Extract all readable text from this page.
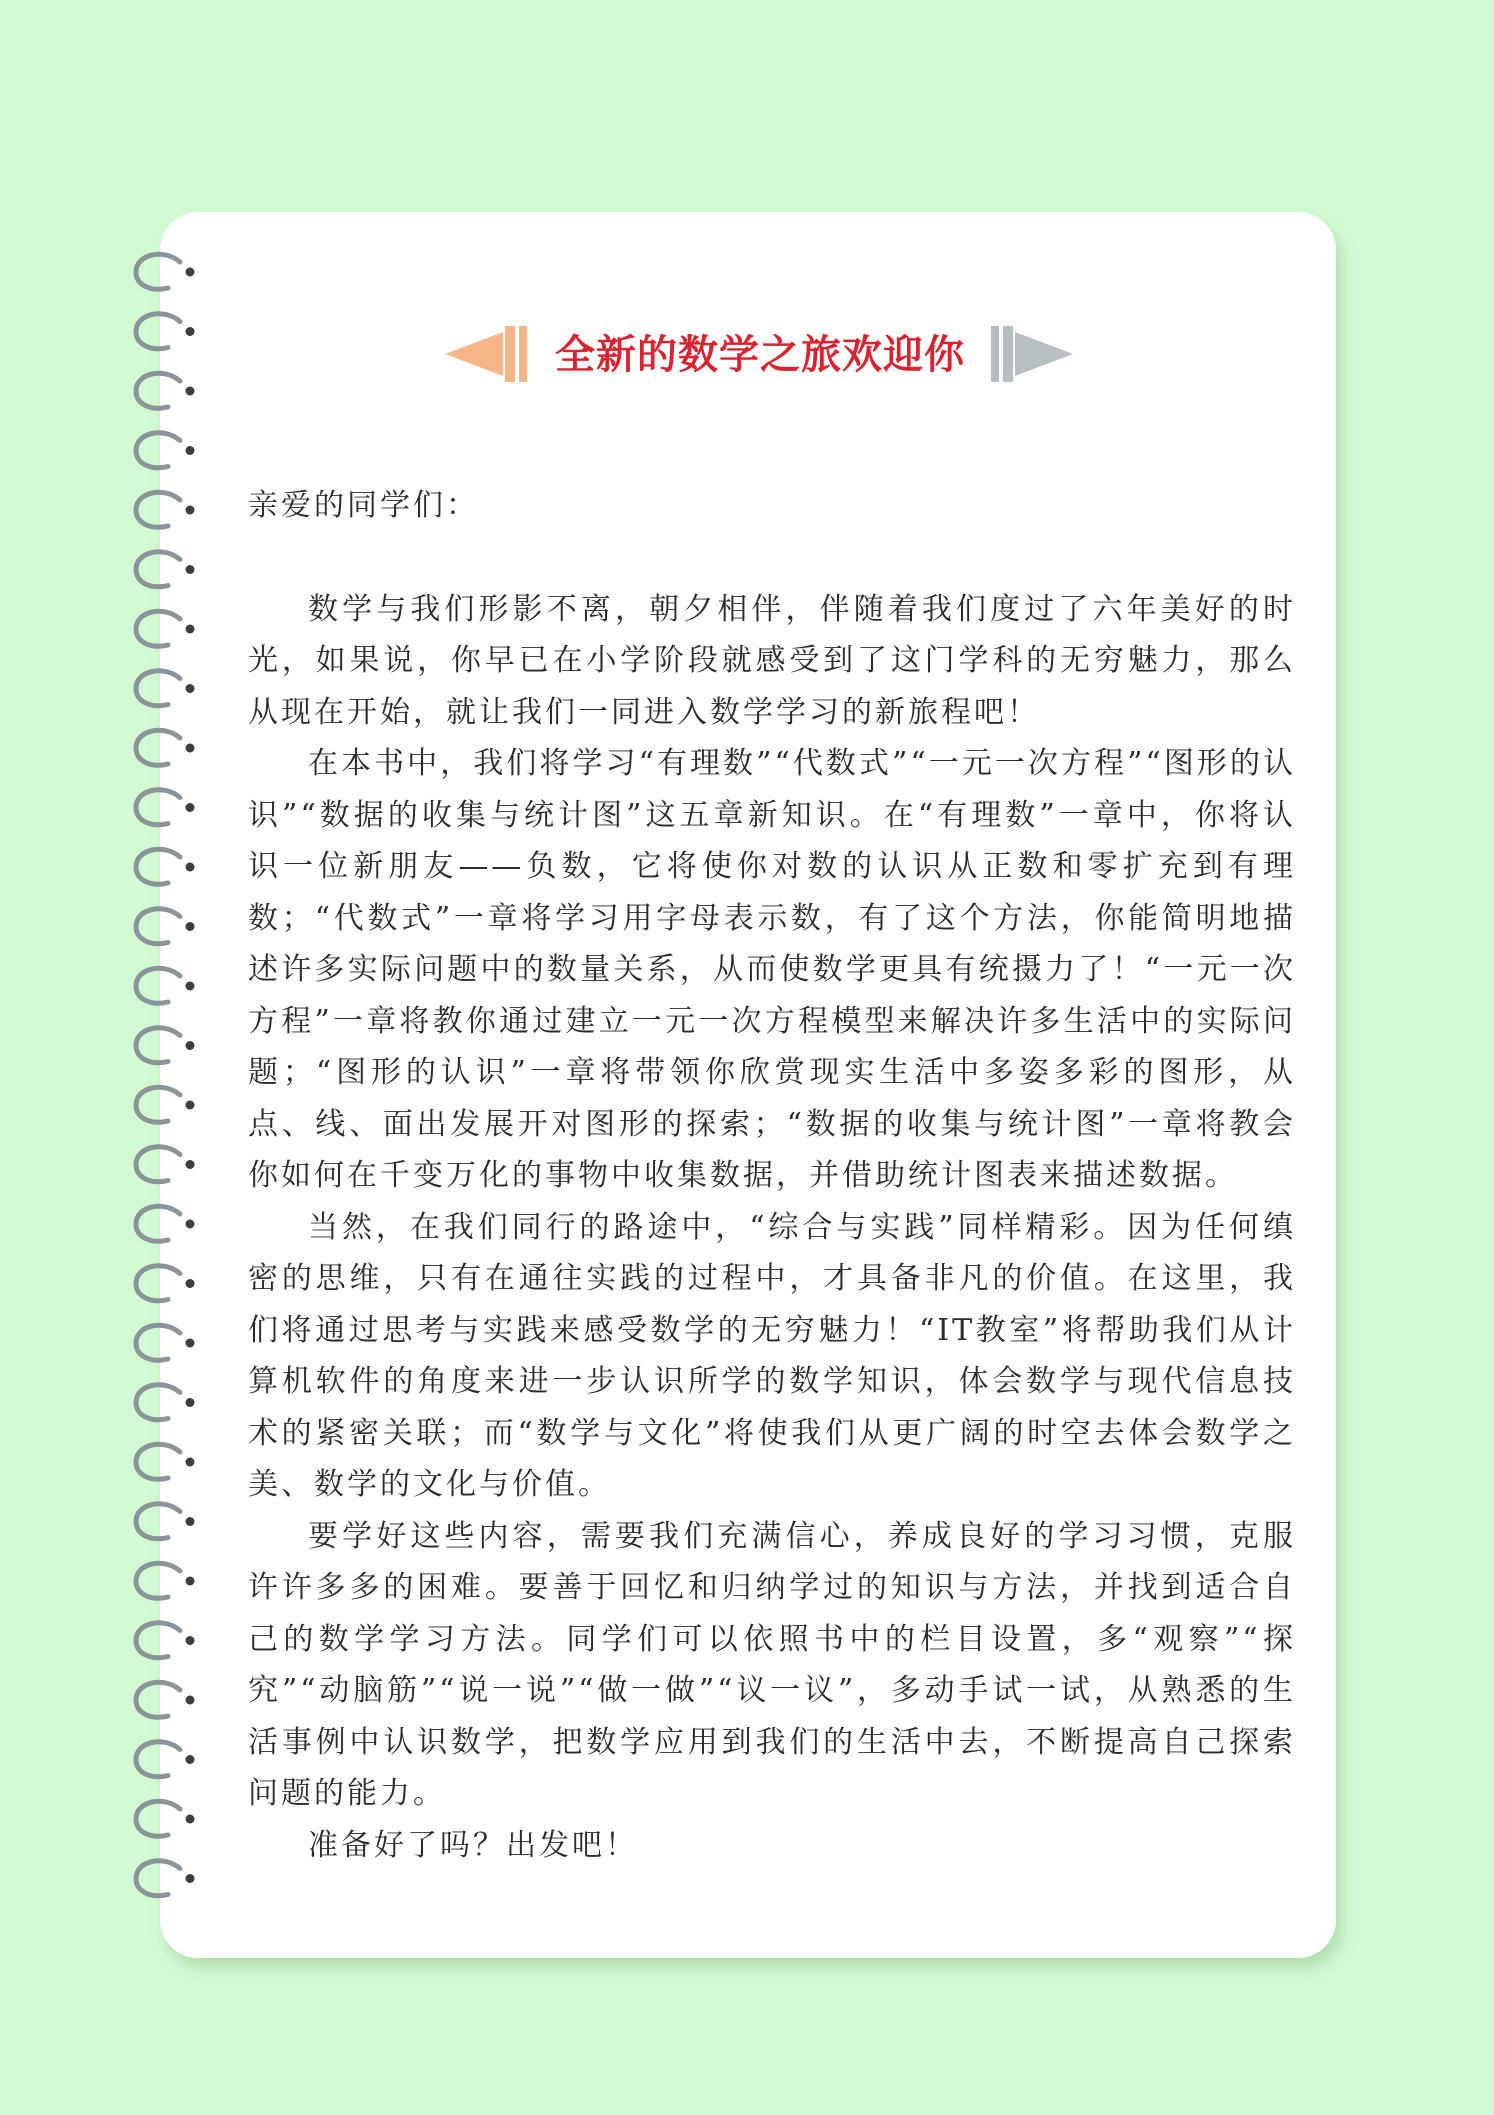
全新的数学之旅欢迎你

亲爱的同学们：

数学与我们形影不离，朝夕相伴，伴随着我们度过了六年美好的时光，如果说，你早已在小学阶段就感受到了这门学科的无穷魅力，那么从现在开始，就让我们一同进入数学学习的新旅程吧！

在本书中，我们将学习“有理数”“代数式”“一元一次方程”“图形的认识”“数据的收集与统计图”这五章新知识。在“有理数”一章中，你将认识一位新朋友——负数，它将使你对数的认识从正数和零扩充到有理数；“代数式”一章将学习用字母表示数，有了这个方法，你能简明地描述许多实际问题中的数量关系，从而使数学更具有统摄力了！“一元一次方程”一章将教你通过建立一元一次方程模型来解决许多生活中的实际问题；“图形的认识”一章将带领你欣赏现实生活中多姿多彩的图形，从点、线、面出发展开对图形的探索；“数据的收集与统计图”一章将教会你如何在千变万化的事物中收集数据，并借助统计图表来描述数据。

当然，在我们同行的路途中，“综合与实践”同样精彩。因为任何缜密的思维，只有在通往实践的过程中，才具备非凡的价值。在这里，我们将通过思考与实践来感受数学的无穷魅力！“IT教室”将帮助我们从计算机软件的角度来进一步认识所学的数学知识，体会数学与现代信息技术的紧密关联；而“数学与文化”将使我们从更广阔的时空去体会数学之美、数学的文化与价值。

要学好这些内容，需要我们充满信心，养成良好的学习习惯，克服许许多多的困难。要善于回忆和归纳学过的知识与方法，并找到适合自己的数学学习方法。同学们可以依照书中的栏目设置，多“观察”“探究”“动脑筋”“说一说”“做一做”“议一议”，多动手试一试，从熟悉的生活事例中认识数学，把数学应用到我们的生活中去，不断提高自己探索问题的能力。

准备好了吗？出发吧！
